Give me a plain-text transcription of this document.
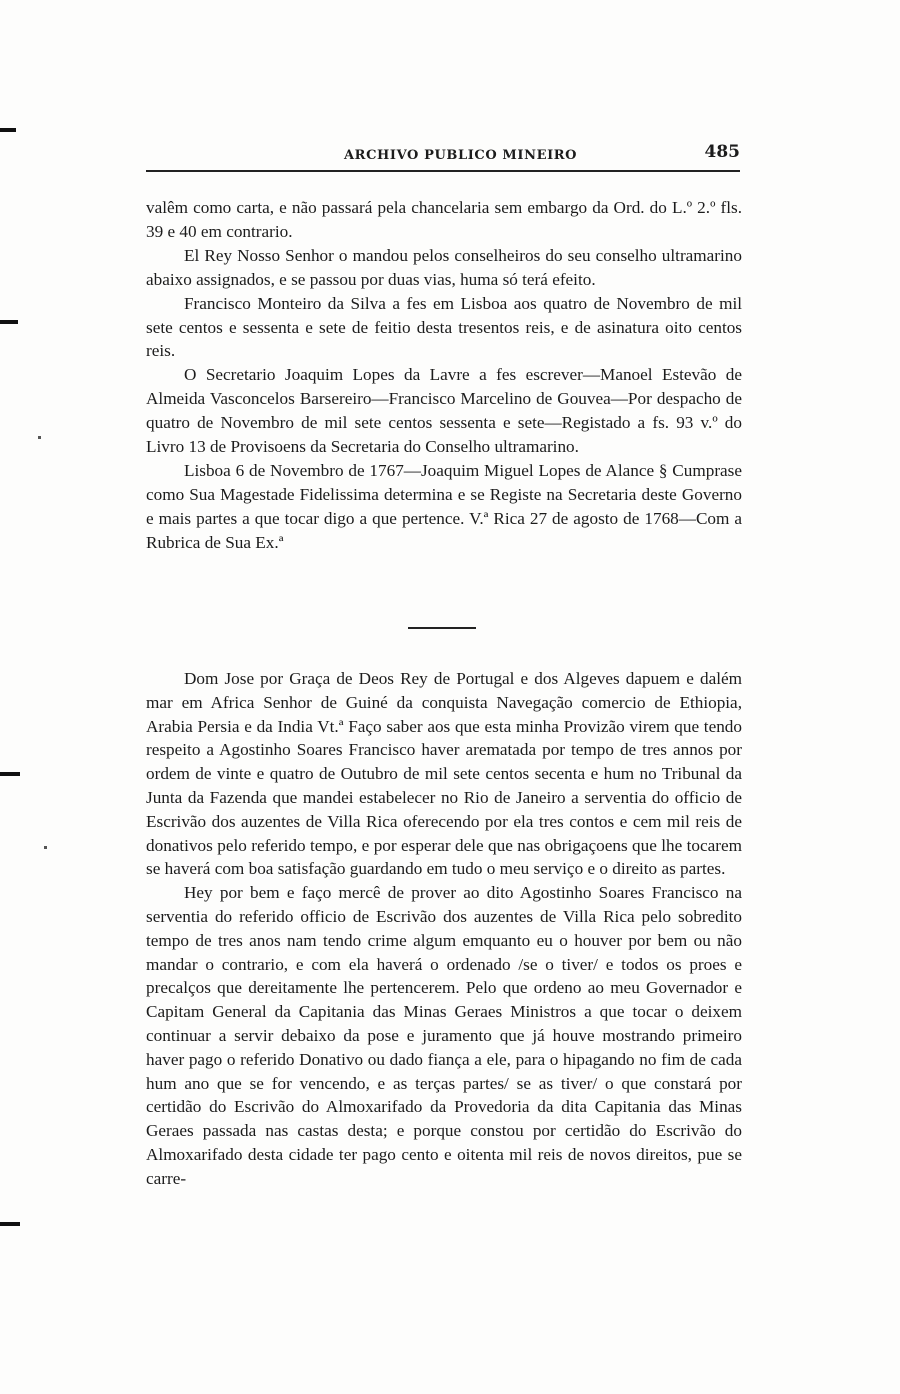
ARCHIVO PUBLICO MINEIRO	485

valêm como carta, e não passará pela chancelaria sem embargo da Ord. do L.º 2.º fls. 39 e 40 em contrario.

El Rey Nosso Senhor o mandou pelos conselheiros do seu conselho ultramarino abaixo assignados, e se passou por duas vias, huma só terá efeito.

Francisco Monteiro da Silva a fes em Lisboa aos quatro de Novembro de mil sete centos e sessenta e sete de feitio desta tresentos reis, e de asinatura oito centos reis.

O Secretario Joaquim Lopes da Lavre a fes escrever—Manoel Estevão de Almeida Vasconcelos Barsereiro—Francisco Marcelino de Gouvea—Por despacho de quatro de Novembro de mil sete centos sessenta e sete—Registado a fs. 93 v.º do Livro 13 de Provisoens da Secretaria do Conselho ultramarino.

Lisboa 6 de Novembro de 1767—Joaquim Miguel Lopes de Alance § Cumprase como Sua Magestade Fidelissima determina e se Registe na Secretaria deste Governo e mais partes a que tocar digo a que pertence. V.ª Rica 27 de agosto de 1768—Com a Rubrica de Sua Ex.ª

Dom Jose por Graça de Deos Rey de Portugal e dos Algeves dapuem e dalém mar em Africa Senhor de Guiné da conquista Navegação comercio de Ethiopia, Arabia Persia e da India Vt.ª Faço saber aos que esta minha Provizão virem que tendo respeito a Agostinho Soares Francisco haver arematada por tempo de tres annos por ordem de vinte e quatro de Outubro de mil sete centos secenta e hum no Tribunal da Junta da Fazenda que mandei estabelecer no Rio de Janeiro a serventia do officio de Escrivão dos auzentes de Villa Rica oferecendo por ela tres contos e cem mil reis de donativos pelo referido tempo, e por esperar dele que nas obrigaçoens que lhe tocarem se haverá com boa satisfação guardando em tudo o meu serviço e o direito as partes.

Hey por bem e faço mercê de prover ao dito Agostinho Soares Francisco na serventia do referido officio de Escrivão dos auzentes de Villa Rica pelo sobredito tempo de tres anos nam tendo crime algum emquanto eu o houver por bem ou não mandar o contrario, e com ela haverá o ordenado /se o tiver/ e todos os proes e precalços que dereitamente lhe pertencerem. Pelo que ordeno ao meu Governador e Capitam General da Capitania das Minas Geraes Ministros a que tocar o deixem continuar a servir debaixo da pose e juramento que já houve mostrando primeiro haver pago o referido Donativo ou dado fiança a ele, para o hipagando no fim de cada hum ano que se for vencendo, e as terças partes/ se as tiver/ o que constará por certidão do Escrivão do Almoxarifado da Provedoria da dita Capitania das Minas Geraes passada nas castas desta; e porque constou por certidão do Escrivão do Almoxarifado desta cidade ter pago cento e oitenta mil reis de novos direitos, pue se carre-
